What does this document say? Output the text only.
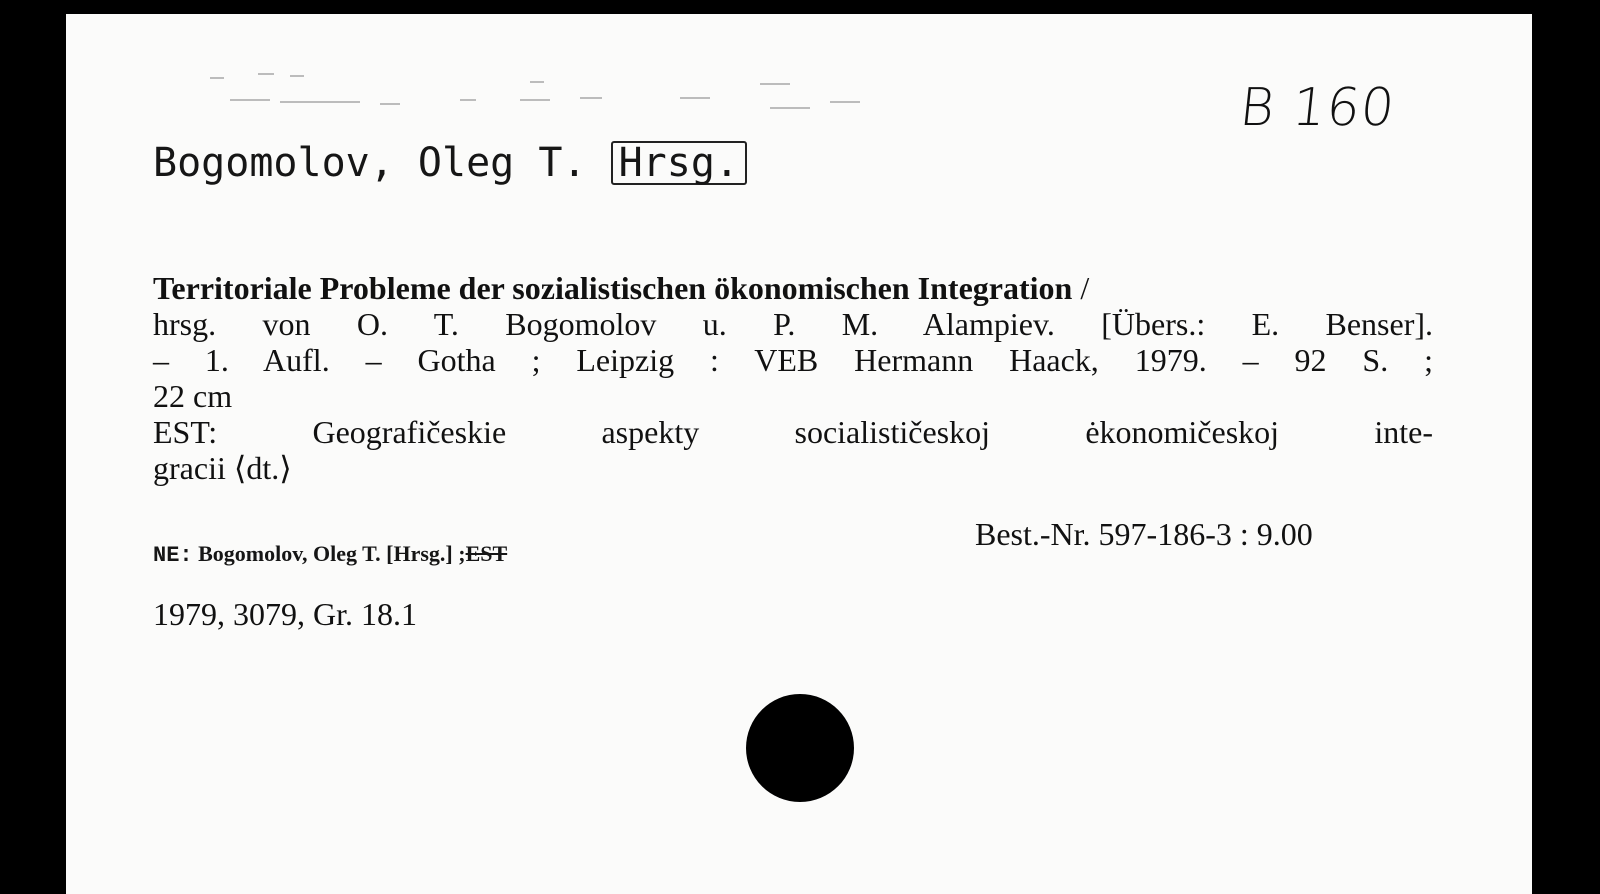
B 160
Bogomolov, Oleg T. Hrsg.
Territoriale Probleme der sozialistischen ökonomischen Integration /
hrsg. von O. T. Bogomolov u. P. M. Alampiev. [Übers.: E. Benser].
– 1. Aufl. – Gotha ; Leipzig : VEB Hermann Haack, 1979. – 92 S. ;
22 cm
EST: Geografičeskie aspekty socialističeskoj ėkonomičeskoj inte-
gracii ⟨dt.⟩
Best.-Nr. 597-186-3 : 9.00
NE: Bogomolov, Oleg T. [Hrsg.] ;EST
1979, 3079, Gr. 18.1
